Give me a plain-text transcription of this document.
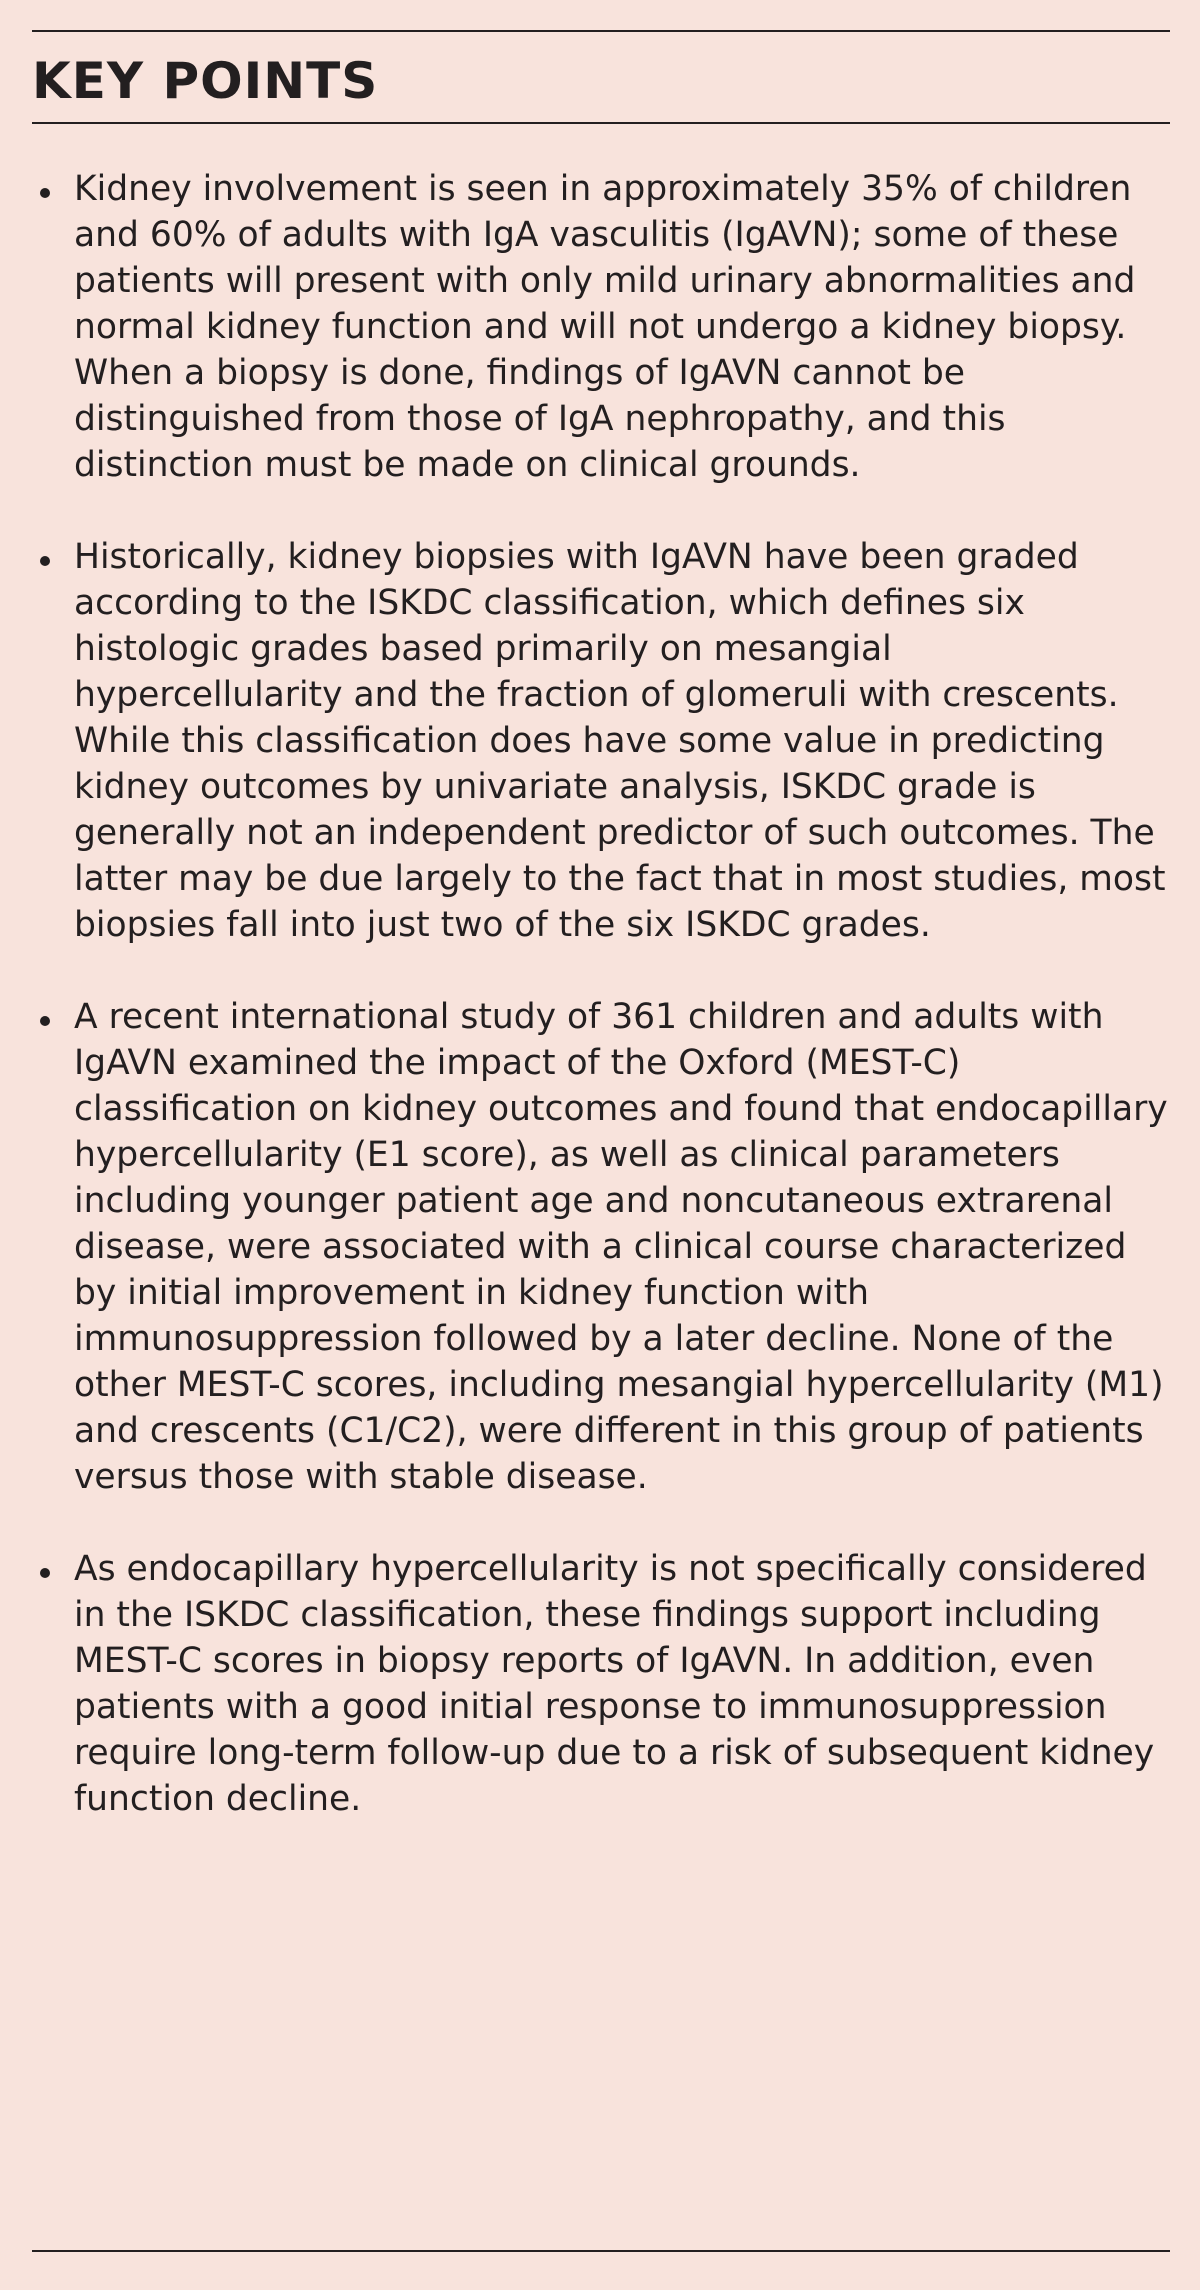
KEY POINTS
Kidney involvement is seen in approximately 35% of children and 60% of adults with IgA vasculitis (IgAVN); some of these patients will present with only mild urinary abnormalities and normal kidney function and will not undergo a kidney biopsy. When a biopsy is done, findings of IgAVN cannot be distinguished from those of IgA nephropathy, and this distinction must be made on clinical grounds.
Historically, kidney biopsies with IgAVN have been graded according to the ISKDC classification, which defines six histologic grades based primarily on mesangial hypercellularity and the fraction of glomeruli with crescents. While this classification does have some value in predicting kidney outcomes by univariate analysis, ISKDC grade is generally not an independent predictor of such outcomes. The latter may be due largely to the fact that in most studies, most biopsies fall into just two of the six ISKDC grades.
A recent international study of 361 children and adults with IgAVN examined the impact of the Oxford (MEST-C) classification on kidney outcomes and found that endocapillary hypercellularity (E1 score), as well as clinical parameters including younger patient age and noncutaneous extrarenal disease, were associated with a clinical course characterized by initial improvement in kidney function with immunosuppression followed by a later decline. None of the other MEST-C scores, including mesangial hypercellularity (M1) and crescents (C1/C2), were different in this group of patients versus those with stable disease.
As endocapillary hypercellularity is not specifically considered in the ISKDC classification, these findings support including MEST-C scores in biopsy reports of IgAVN. In addition, even patients with a good initial response to immunosuppression require long-term follow-up due to a risk of subsequent kidney function decline.
